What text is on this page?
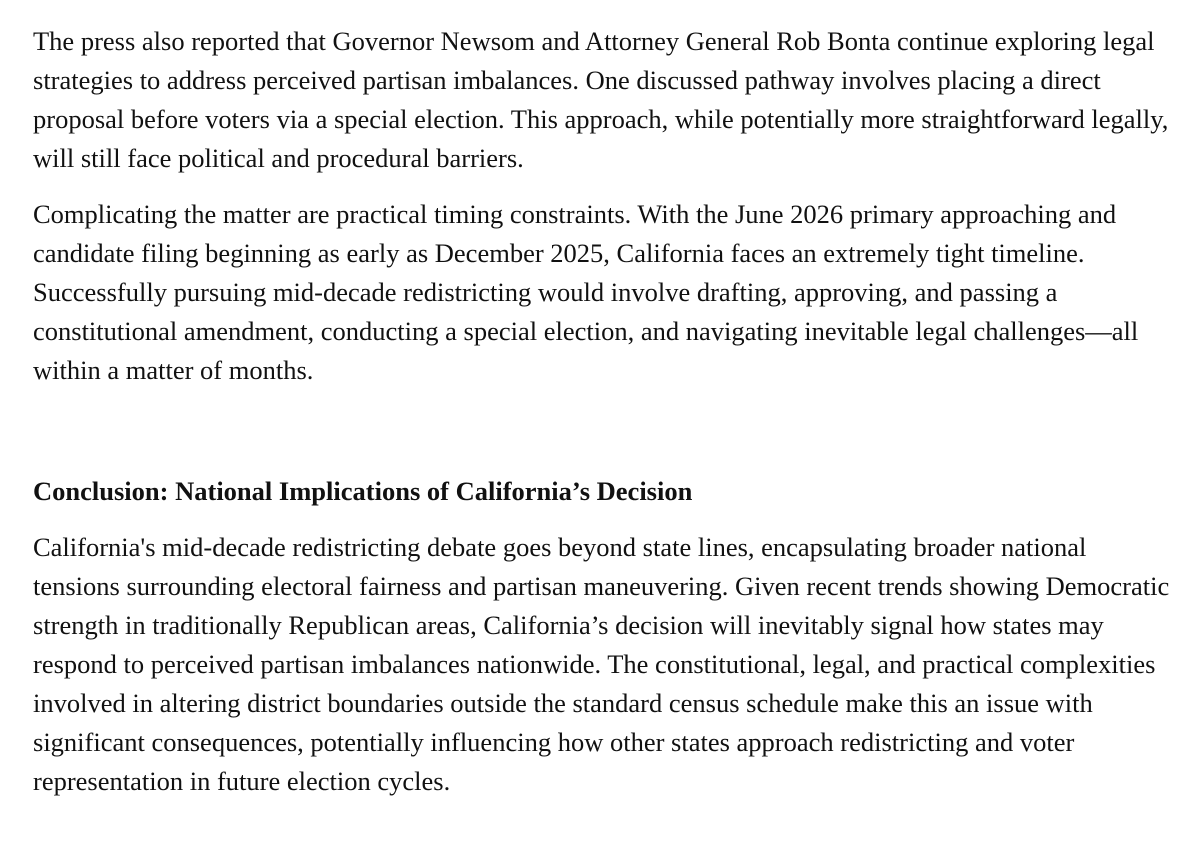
The press also reported that Governor Newsom and Attorney General Rob Bonta continue exploring legal strategies to address perceived partisan imbalances. One discussed pathway involves placing a direct proposal before voters via a special election. This approach, while potentially more straightforward legally, will still face political and procedural barriers.

Complicating the matter are practical timing constraints. With the June 2026 primary approaching and candidate filing beginning as early as December 2025, California faces an extremely tight timeline. Successfully pursuing mid-decade redistricting would involve drafting, approving, and passing a constitutional amendment, conducting a special election, and navigating inevitable legal challenges—all within a matter of months.

Conclusion: National Implications of California’s Decision

California's mid-decade redistricting debate goes beyond state lines, encapsulating broader national tensions surrounding electoral fairness and partisan maneuvering. Given recent trends showing Democratic strength in traditionally Republican areas, California’s decision will inevitably signal how states may respond to perceived partisan imbalances nationwide. The constitutional, legal, and practical complexities involved in altering district boundaries outside the standard census schedule make this an issue with significant consequences, potentially influencing how other states approach redistricting and voter representation in future election cycles.
